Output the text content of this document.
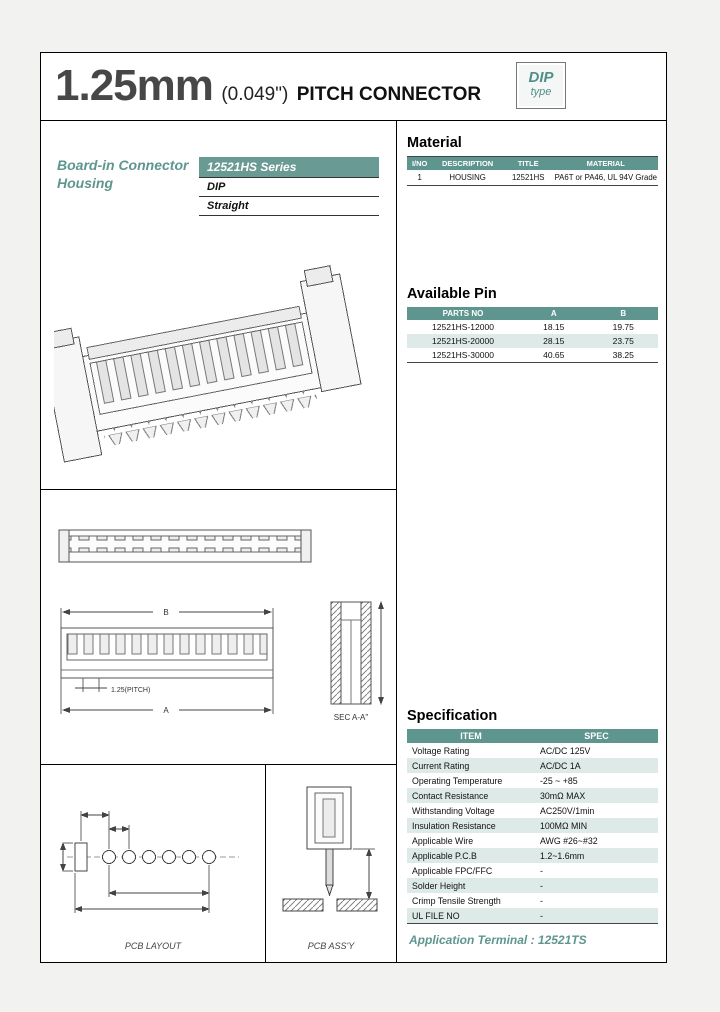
1.25mm (0.049") PITCH CONNECTOR
DIP
type
Board-in Connector Housing
12521HS Series
DIP
Straight
B
1.25(PITCH)
A
SEC A-A"
PCB LAYOUT	PCB ASS'Y
Material
I/NO	DESCRIPTION	TITLE	MATERIAL
1	HOUSING	12521HS	PA6T or PA46, UL 94V Grade
Available Pin
PARTS NO	A	B
12521HS-12000	18.15	19.75
12521HS-20000	28.15	23.75
12521HS-30000	40.65	38.25
Specification
ITEM	SPEC
Voltage Rating	AC/DC 125V
Current Rating	AC/DC 1A
Operating Temperature	-25 ~ +85
Contact Resistance	30mΩ MAX
Withstanding Voltage	AC250V/1min
Insulation Resistance	100MΩ MIN
Applicable Wire	AWG #26~#32
Applicable P.C.B	1.2~1.6mm
Applicable FPC/FFC	-
Solder Height	-
Crimp Tensile Strength	-
UL FILE NO	-
Application Terminal : 12521TS
